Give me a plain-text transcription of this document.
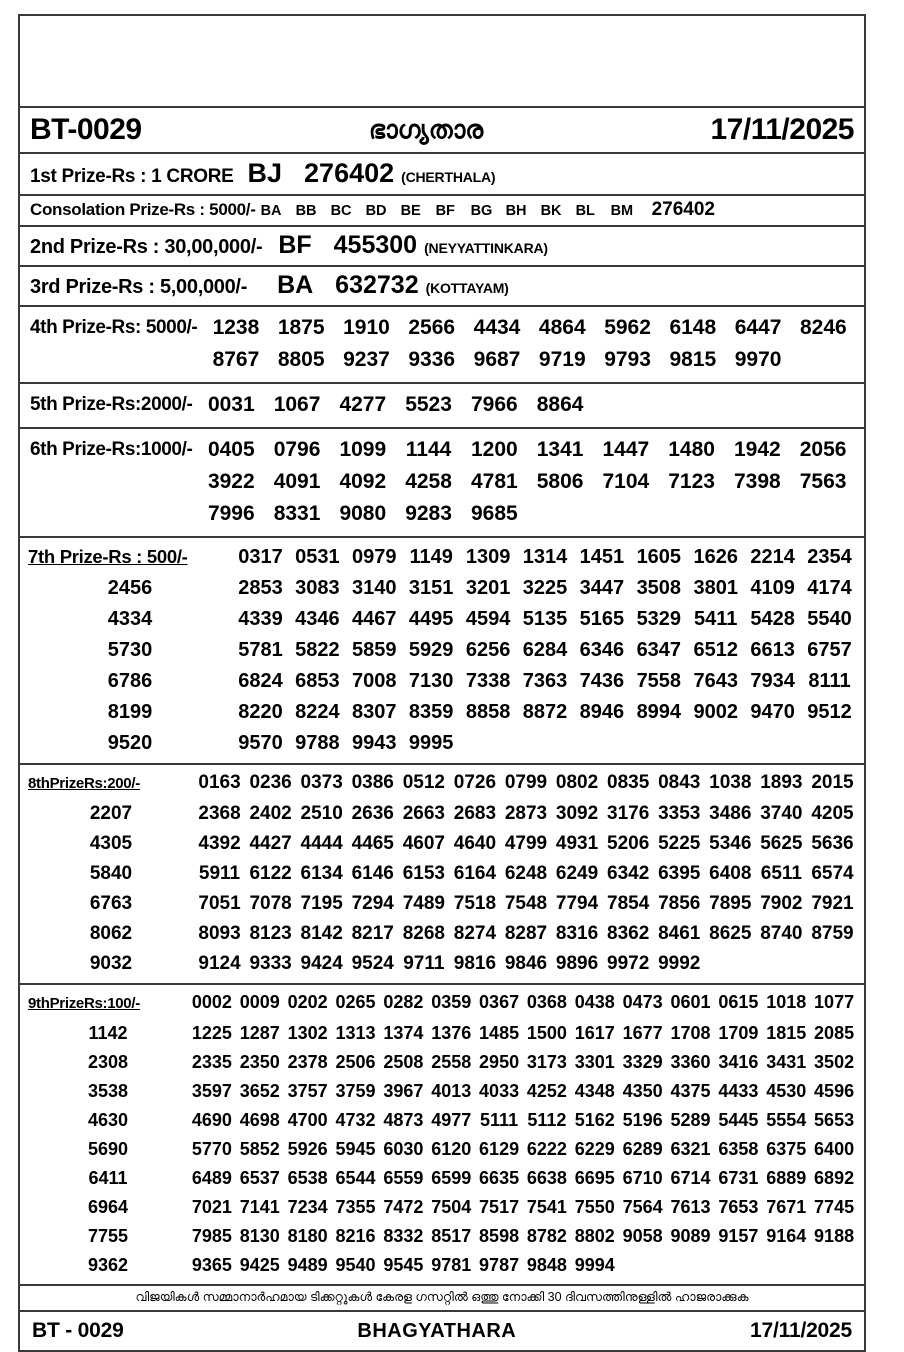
BT-0029	ഭാഗ്യതാര	17/11/2025
1st Prize-Rs : 1 CRORE BJ 276402 (CHERTHALA)
Consolation Prize-Rs : 5000/- BA BB BC BD BE BF BG BH BK BL BM 276402
2nd Prize-Rs : 30,00,000/- BF 455300 (NEYYATTINKARA)
3rd Prize-Rs : 5,00,000/- BA 632732 (KOTTAYAM)
4th Prize-Rs: 5000/- 1238 1875 1910 2566 4434 4864 5962 6148 6447 8246
8767 8805 9237 9336 9687 9719 9793 9815 9970
5th Prize-Rs:2000/- 0031 1067 4277 5523 7966 8864
6th Prize-Rs:1000/- 0405 0796 1099 1144 1200 1341 1447 1480 1942 2056
3922 4091 4092 4258 4781 5806 7104 7123 7398 7563
7996 8331 9080 9283 9685
7th Prize-Rs : 500/-	0317 0531 0979 1149 1309 1314 1451 1605 1626 2214 2354
2456	2853 3083 3140 3151 3201 3225 3447 3508 3801 4109 4174
4334	4339 4346 4467 4495 4594 5135 5165 5329 5411 5428 5540
5730	5781 5822 5859 5929 6256 6284 6346 6347 6512 6613 6757
6786	6824 6853 7008 7130 7338 7363 7436 7558 7643 7934 8111
8199	8220 8224 8307 8359 8858 8872 8946 8994 9002 9470 9512
9520	9570 9788 9943 9995
8thPrizeRs:200/-	0163 0236 0373 0386 0512 0726 0799 0802 0835 0843 1038 1893 2015
2207	2368 2402 2510 2636 2663 2683 2873 3092 3176 3353 3486 3740 4205
4305	4392 4427 4444 4465 4607 4640 4799 4931 5206 5225 5346 5625 5636
5840	5911 6122 6134 6146 6153 6164 6248 6249 6342 6395 6408 6511 6574
6763	7051 7078 7195 7294 7489 7518 7548 7794 7854 7856 7895 7902 7921
8062	8093 8123 8142 8217 8268 8274 8287 8316 8362 8461 8625 8740 8759
9032	9124 9333 9424 9524 9711 9816 9846 9896 9972 9992
9thPrizeRs:100/-	0002 0009 0202 0265 0282 0359 0367 0368 0438 0473 0601 0615 1018 1077
1142	1225 1287 1302 1313 1374 1376 1485 1500 1617 1677 1708 1709 1815 2085
2308	2335 2350 2378 2506 2508 2558 2950 3173 3301 3329 3360 3416 3431 3502
3538	3597 3652 3757 3759 3967 4013 4033 4252 4348 4350 4375 4433 4530 4596
4630	4690 4698 4700 4732 4873 4977 5111 5112 5162 5196 5289 5445 5554 5653
5690	5770 5852 5926 5945 6030 6120 6129 6222 6229 6289 6321 6358 6375 6400
6411	6489 6537 6538 6544 6559 6599 6635 6638 6695 6710 6714 6731 6889 6892
6964	7021 7141 7234 7355 7472 7504 7517 7541 7550 7564 7613 7653 7671 7745
7755	7985 8130 8180 8216 8332 8517 8598 8782 8802 9058 9089 9157 9164 9188
9362	9365 9425 9489 9540 9545 9781 9787 9848 9994
വിജയികൾ സമ്മാനാർഹമായ ടിക്കറ്റുകൾ കേരള ഗസറ്റിൽ ഒത്തു നോക്കി 30 ദിവസത്തിനുള്ളിൽ ഹാജരാക്കുക
BT - 0029	BHAGYATHARA	17/11/2025
